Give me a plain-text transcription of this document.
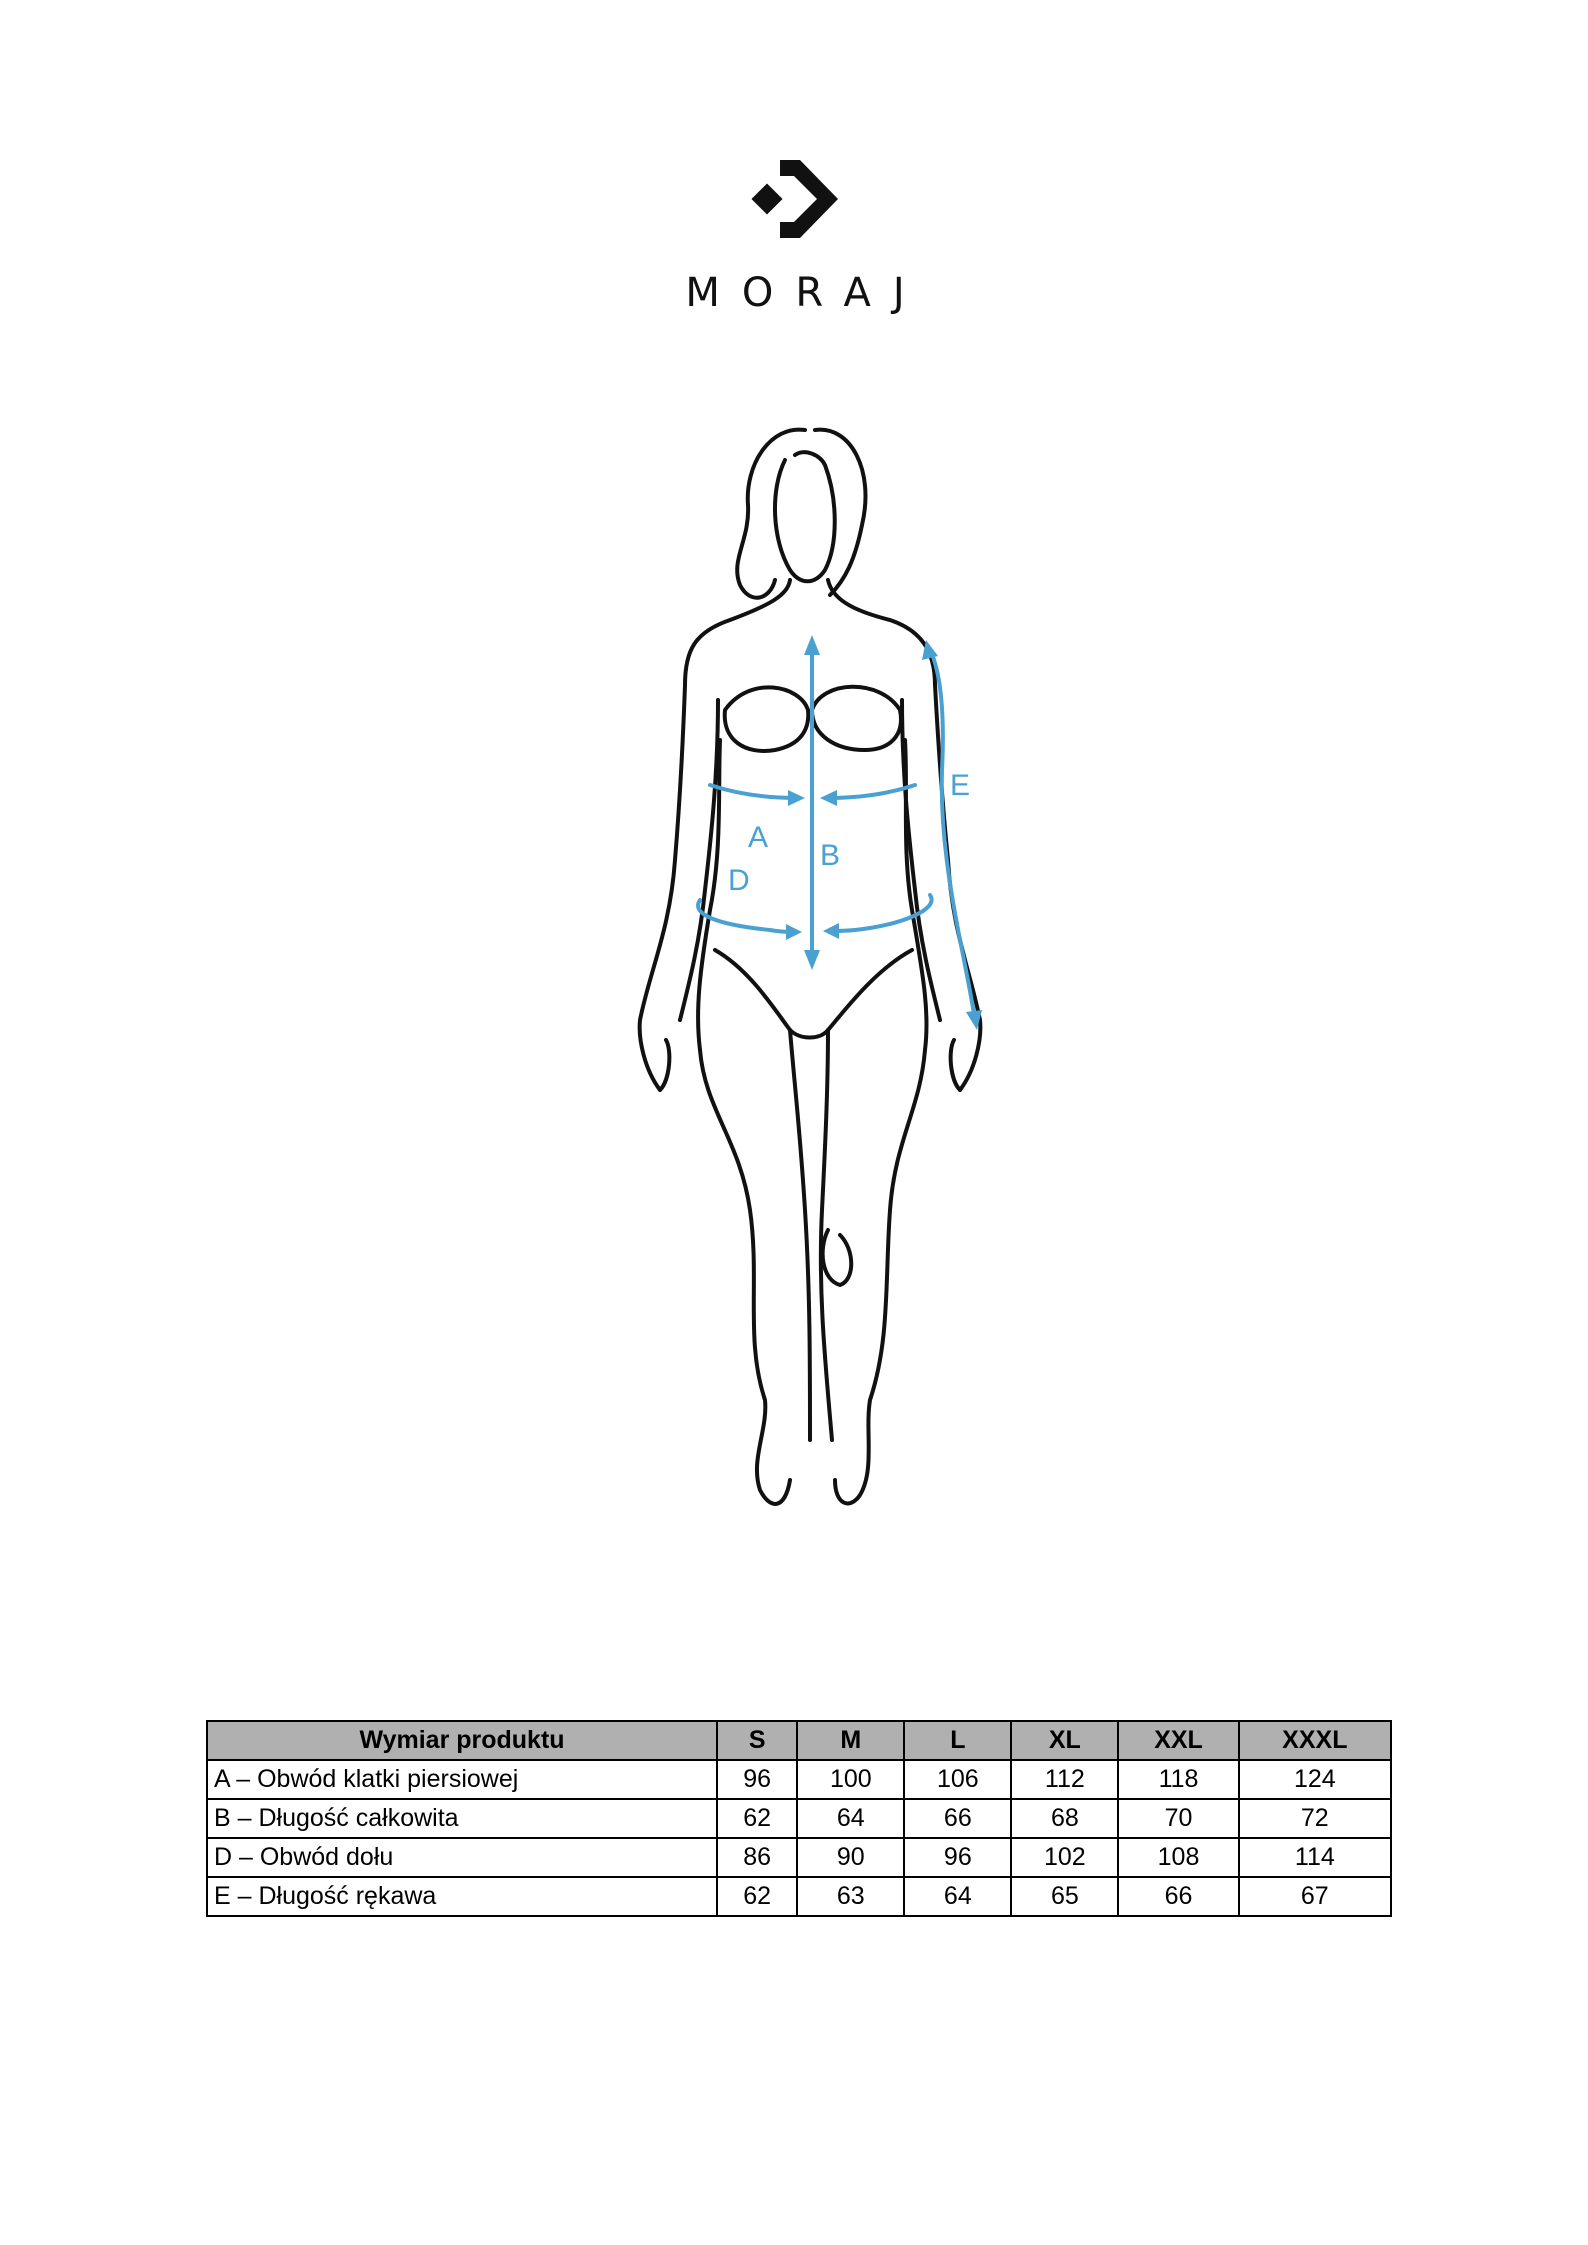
MORAJ
A
B
D
E
Wymiar produktu	S	M	L	XL	XXL	XXXL
A – Obwód klatki piersiowej	96	100	106	112	118	124
B – Długość całkowita	62	64	66	68	70	72
D – Obwód dołu	86	90	96	102	108	114
E – Długość rękawa	62	63	64	65	66	67
